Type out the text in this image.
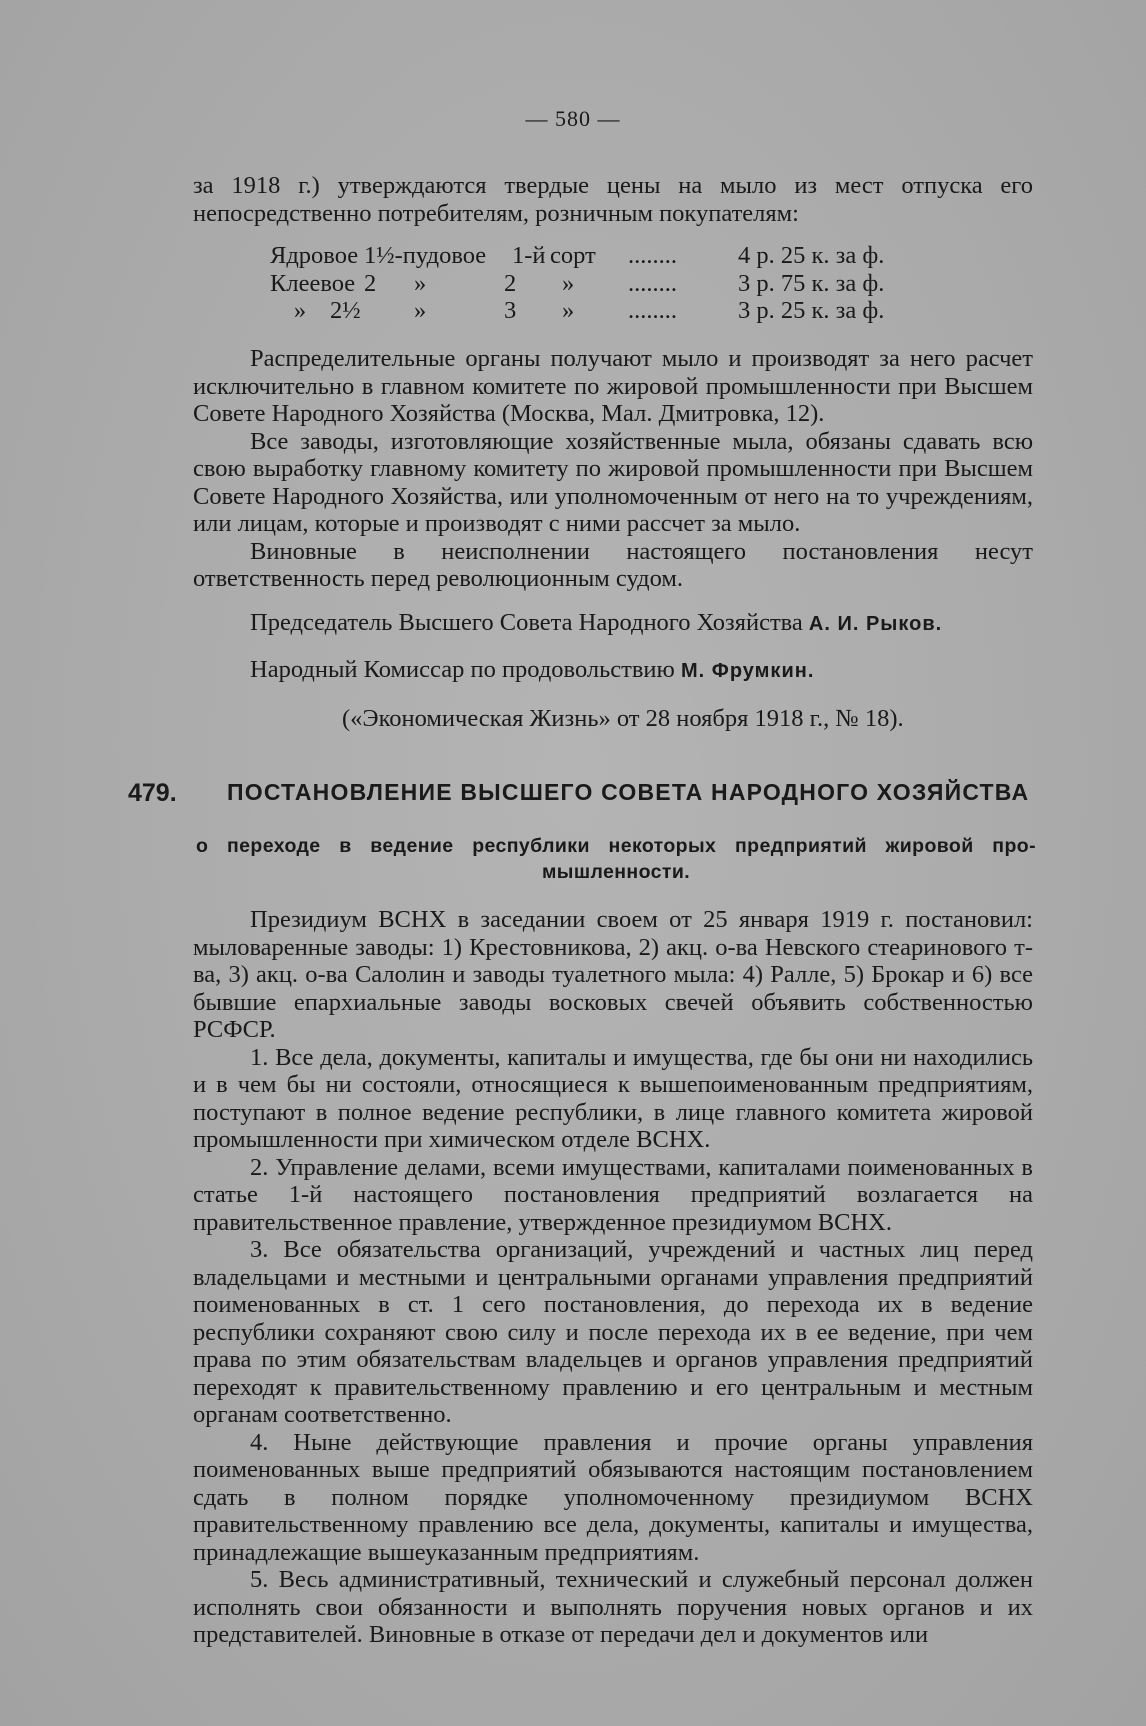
— 580 —

за 1918 г.) утверждаются твердые цены на мыло из мест отпуска его непосредственно потребителям, розничным покупателям:

Ядровое 1½-пудовое	1-й сорт	........	4 р. 25 к. за ф.
Клеевое 2	»	2	»	........	3 р. 75 к. за ф.
» 2½	»	3	»	........	3 р. 25 к. за ф.

Распределительные органы получают мыло и производят за него расчет исключительно в главном комитете по жировой промышленности при Высшем Совете Народного Хозяйства (Москва, Мал. Дмитровка, 12).

Все заводы, изготовляющие хозяйственные мыла, обязаны сдавать всю свою выработку главному комитету по жировой промышленности при Высшем Совете Народного Хозяйства, или уполномоченным от него на то учреждениям, или лицам, которые и производят с ними рассчет за мыло.

Виновные в неисполнении настоящего постановления несут ответственность перед революционным судом.

Председатель Высшего Совета Народного Хозяйства А. И. Рыков.
Народный Комиссар по продовольствию М. Фрумкин.
(«Экономическая Жизнь» от 28 ноября 1918 г., № 18).
479. ПОСТАНОВЛЕНИЕ ВЫСШЕГО СОВЕТА НАРОДНОГО ХОЗЯЙСТВА
о переходе в ведение республики некоторых предприятий жировой про-
мышленности.

Президиум ВСНХ в заседании своем от 25 января 1919 г. постановил: мыловаренные заводы: 1) Крестовникова, 2) акц. о-ва Невского стеаринового т-ва, 3) акц. о-ва Салолин и заводы туалетного мыла: 4) Ралле, 5) Брокар и 6) все бывшие епархиальные заводы восковых свечей объявить собственностью РСФСР.

1. Все дела, документы, капиталы и имущества, где бы они ни находились и в чем бы ни состояли, относящиеся к вышепоименованным предприятиям, поступают в полное ведение республики, в лице главного комитета жировой промышленности при химическом отделе ВСНХ.

2. Управление делами, всеми имуществами, капиталами поименованных в статье 1-й настоящего постановления предприятий возлагается на правительственное правление, утвержденное президиумом ВСНХ.

3. Все обязательства организаций, учреждений и частных лиц перед владельцами и местными и центральными органами управления предприятий поименованных в ст. 1 сего постановления, до перехода их в ведение республики сохраняют свою силу и после перехода их в ее ведение, при чем права по этим обязательствам владельцев и органов управления предприятий переходят к правительственному правлению и его центральным и местным органам соответственно.

4. Ныне действующие правления и прочие органы управления поименованных выше предприятий обязываются настоящим постановлением сдать в полном порядке уполномоченному президиумом ВСНХ правительственному правлению все дела, документы, капиталы и имущества, принадлежащие вышеуказанным предприятиям.

5. Весь административный, технический и служебный персонал должен исполнять свои обязанности и выполнять поручения новых органов и их представителей. Виновные в отказе от передачи дел и документов или
